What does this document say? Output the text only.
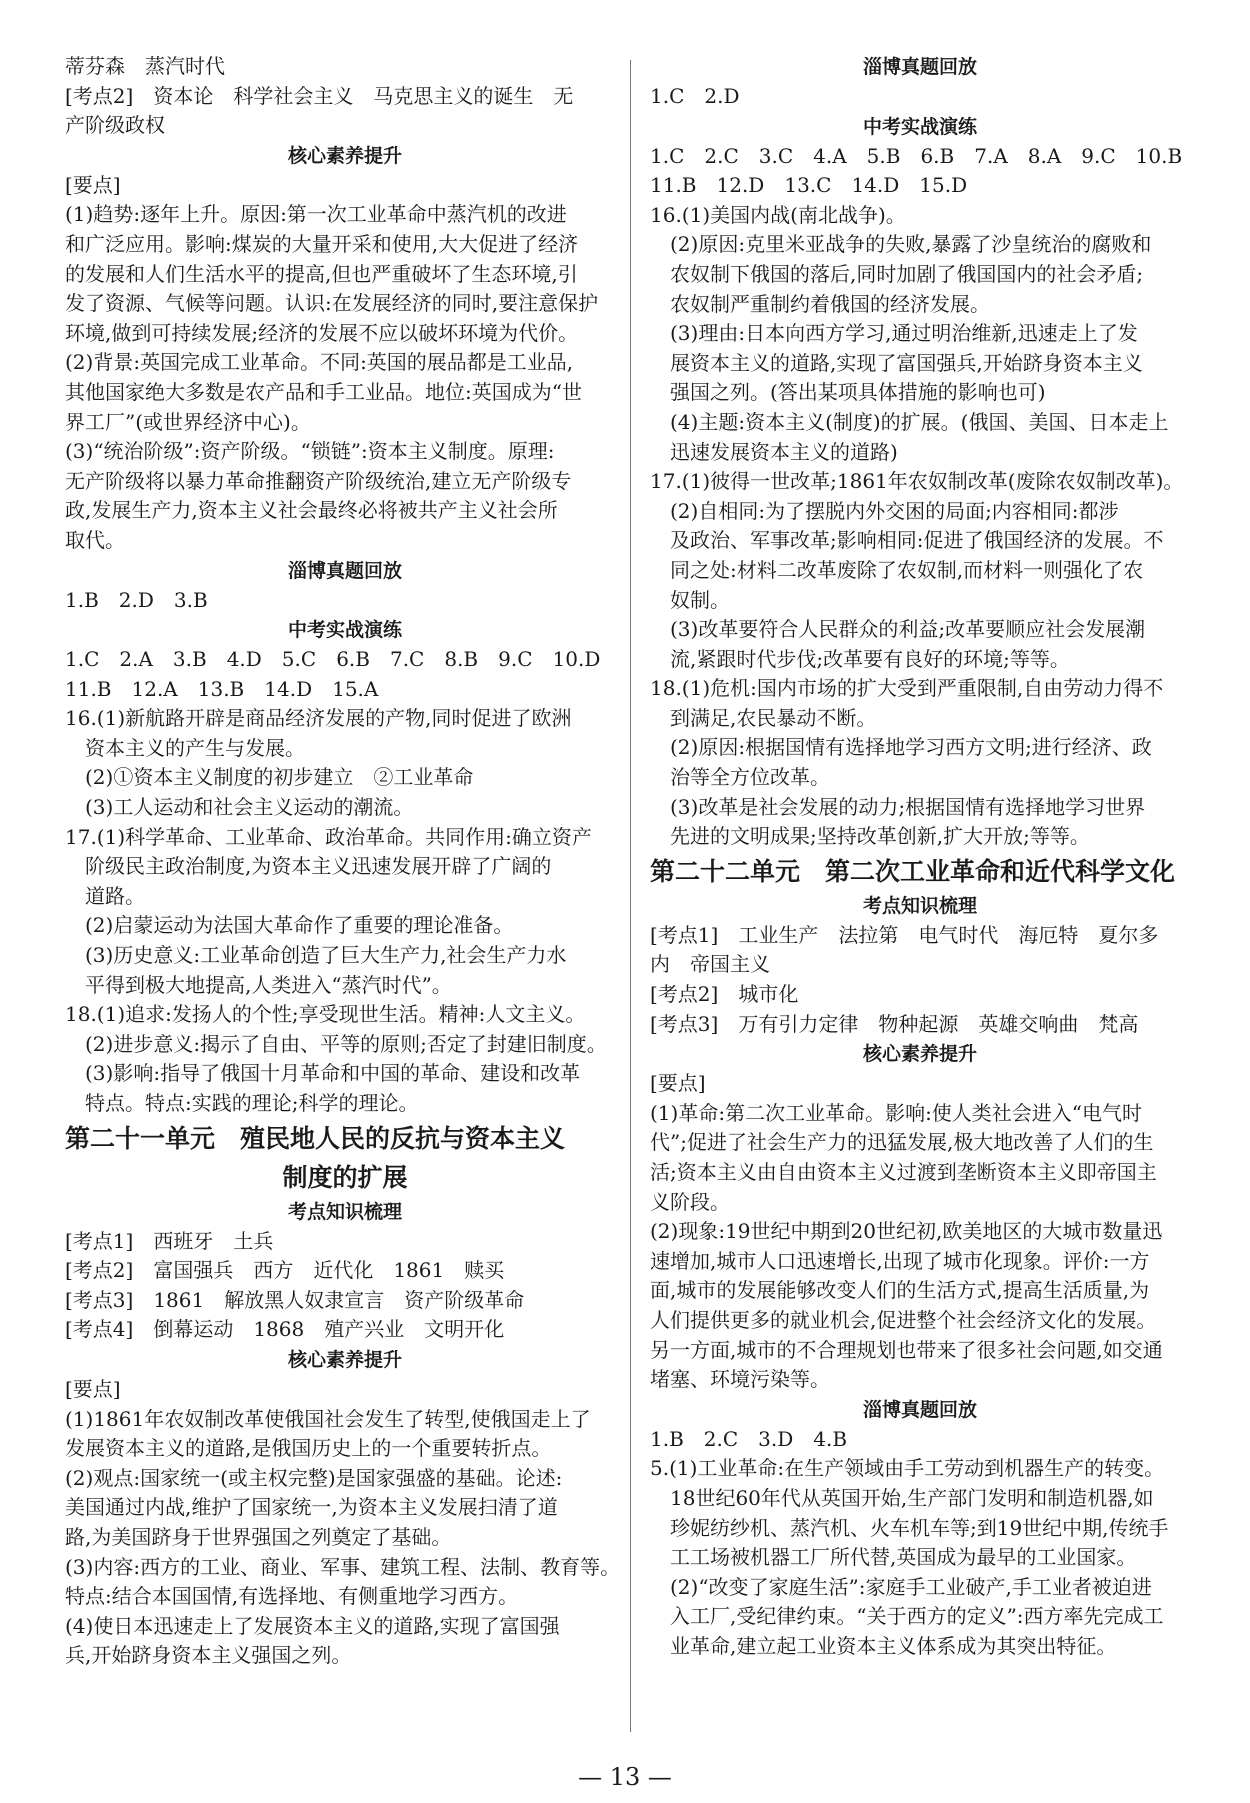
蒂芬森　蒸汽时代

[考点2]　资本论　科学社会主义　马克思主义的诞生　无

产阶级政权

核心素养提升

[要点]

(1)趋势:逐年上升。原因:第一次工业革命中蒸汽机的改进

和广泛应用。影响:煤炭的大量开采和使用,大大促进了经济

的发展和人们生活水平的提高,但也严重破坏了生态环境,引

发了资源、气候等问题。认识:在发展经济的同时,要注意保护

环境,做到可持续发展;经济的发展不应以破坏环境为代价。

(2)背景:英国完成工业革命。不同:英国的展品都是工业品,

其他国家绝大多数是农产品和手工业品。地位:英国成为“世

界工厂”(或世界经济中心)。

(3)“统治阶级”:资产阶级。“锁链”:资本主义制度。原理:

无产阶级将以暴力革命推翻资产阶级统治,建立无产阶级专

政,发展生产力,资本主义社会最终必将被共产主义社会所

取代。

淄博真题回放

1.B　2.D　3.B

中考实战演练

1.C　2.A　3.B　4.D　5.C　6.B　7.C　8.B　9.C　10.D

11.B　12.A　13.B　14.D　15.A

16.(1)新航路开辟是商品经济发展的产物,同时促进了欧洲

资本主义的产生与发展。

(2)①资本主义制度的初步建立　②工业革命

(3)工人运动和社会主义运动的潮流。

17.(1)科学革命、工业革命、政治革命。共同作用:确立资产

阶级民主政治制度,为资本主义迅速发展开辟了广阔的

道路。

(2)启蒙运动为法国大革命作了重要的理论准备。

(3)历史意义:工业革命创造了巨大生产力,社会生产力水

平得到极大地提高,人类进入“蒸汽时代”。

18.(1)追求:发扬人的个性;享受现世生活。精神:人文主义。

(2)进步意义:揭示了自由、平等的原则;否定了封建旧制度。

(3)影响:指导了俄国十月革命和中国的革命、建设和改革

特点。特点:实践的理论;科学的理论。

第二十一单元　殖民地人民的反抗与资本主义

制度的扩展

考点知识梳理

[考点1]　西班牙　土兵

[考点2]　富国强兵　西方　近代化　1861　赎买

[考点3]　1861　解放黑人奴隶宣言　资产阶级革命

[考点4]　倒幕运动　1868　殖产兴业　文明开化

核心素养提升

[要点]

(1)1861年农奴制改革使俄国社会发生了转型,使俄国走上了

发展资本主义的道路,是俄国历史上的一个重要转折点。

(2)观点:国家统一(或主权完整)是国家强盛的基础。论述:

美国通过内战,维护了国家统一,为资本主义发展扫清了道

路,为美国跻身于世界强国之列奠定了基础。

(3)内容:西方的工业、商业、军事、建筑工程、法制、教育等。

特点:结合本国国情,有选择地、有侧重地学习西方。

(4)使日本迅速走上了发展资本主义的道路,实现了富国强

兵,开始跻身资本主义强国之列。

淄博真题回放

1.C　2.D

中考实战演练

1.C　2.C　3.C　4.A　5.B　6.B　7.A　8.A　9.C　10.B

11.B　12.D　13.C　14.D　15.D

16.(1)美国内战(南北战争)。

(2)原因:克里米亚战争的失败,暴露了沙皇统治的腐败和

农奴制下俄国的落后,同时加剧了俄国国内的社会矛盾;

农奴制严重制约着俄国的经济发展。

(3)理由:日本向西方学习,通过明治维新,迅速走上了发

展资本主义的道路,实现了富国强兵,开始跻身资本主义

强国之列。(答出某项具体措施的影响也可)

(4)主题:资本主义(制度)的扩展。(俄国、美国、日本走上

迅速发展资本主义的道路)

17.(1)彼得一世改革;1861年农奴制改革(废除农奴制改革)。

(2)自相同:为了摆脱内外交困的局面;内容相同:都涉

及政治、军事改革;影响相同:促进了俄国经济的发展。不

同之处:材料二改革废除了农奴制,而材料一则强化了农

奴制。

(3)改革要符合人民群众的利益;改革要顺应社会发展潮

流,紧跟时代步伐;改革要有良好的环境;等等。

18.(1)危机:国内市场的扩大受到严重限制,自由劳动力得不

到满足,农民暴动不断。

(2)原因:根据国情有选择地学习西方文明;进行经济、政

治等全方位改革。

(3)改革是社会发展的动力;根据国情有选择地学习世界

先进的文明成果;坚持改革创新,扩大开放;等等。

第二十二单元　第二次工业革命和近代科学文化

考点知识梳理

[考点1]　工业生产　法拉第　电气时代　海厄特　夏尔多

内　帝国主义

[考点2]　城市化

[考点3]　万有引力定律　物种起源　英雄交响曲　梵高

核心素养提升

[要点]

(1)革命:第二次工业革命。影响:使人类社会进入“电气时

代”;促进了社会生产力的迅猛发展,极大地改善了人们的生

活;资本主义由自由资本主义过渡到垄断资本主义即帝国主

义阶段。

(2)现象:19世纪中期到20世纪初,欧美地区的大城市数量迅

速增加,城市人口迅速增长,出现了城市化现象。评价:一方

面,城市的发展能够改变人们的生活方式,提高生活质量,为

人们提供更多的就业机会,促进整个社会经济文化的发展。

另一方面,城市的不合理规划也带来了很多社会问题,如交通

堵塞、环境污染等。

淄博真题回放

1.B　2.C　3.D　4.B

5.(1)工业革命:在生产领域由手工劳动到机器生产的转变。

18世纪60年代从英国开始,生产部门发明和制造机器,如

珍妮纺纱机、蒸汽机、火车机车等;到19世纪中期,传统手

工工场被机器工厂所代替,英国成为最早的工业国家。

(2)“改变了家庭生活”:家庭手工业破产,手工业者被迫进

入工厂,受纪律约束。“关于西方的定义”:西方率先完成工

业革命,建立起工业资本主义体系成为其突出特征。

— 13 —
